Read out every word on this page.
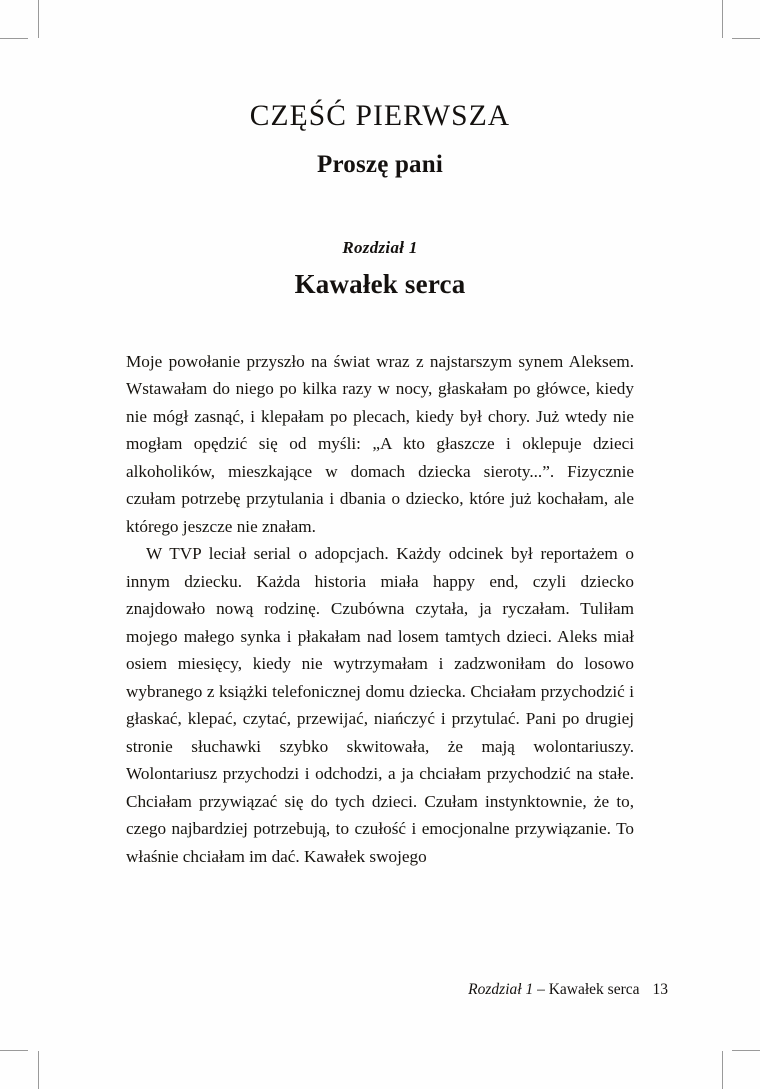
CZĘŚĆ PIERWSZA
Proszę pani

Rozdział 1

Kawałek serca

Moje powołanie przyszło na świat wraz z najstarszym synem Aleksem. Wstawałam do niego po kilka razy w nocy, głaskałam po główce, kiedy nie mógł zasnąć, i klepałam po plecach, kiedy był chory. Już wtedy nie mogłam opędzić się od myśli: „A kto głaszcze i oklepuje dzieci alkoholików, mieszkające w domach dziecka sieroty...”. Fizycznie czułam potrzebę przytulania i dbania o dziecko, które już kochałam, ale którego jeszcze nie znałam.

W TVP leciał serial o adopcjach. Każdy odcinek był reportażem o innym dziecku. Każda historia miała happy end, czyli dziecko znajdowało nową rodzinę. Czubówna czytała, ja ryczałam. Tuliłam mojego małego synka i płakałam nad losem tamtych dzieci. Aleks miał osiem miesięcy, kiedy nie wytrzymałam i zadzwoniłam do losowo wybranego z książki telefonicznej domu dziecka. Chciałam przychodzić i głaskać, klepać, czytać, przewijać, niańczyć i przytulać. Pani po drugiej stronie słuchawki szybko skwitowała, że mają wolontariuszy. Wolontariusz przychodzi i odchodzi, a ja chciałam przychodzić na stałe. Chciałam przywiązać się do tych dzieci. Czułam instynktownie, że to, czego najbardziej potrzebują, to czułość i emocjonalne przywiązanie. To właśnie chciałam im dać. Kawałek swojego

Rozdział 1 – Kawałek serca 13
